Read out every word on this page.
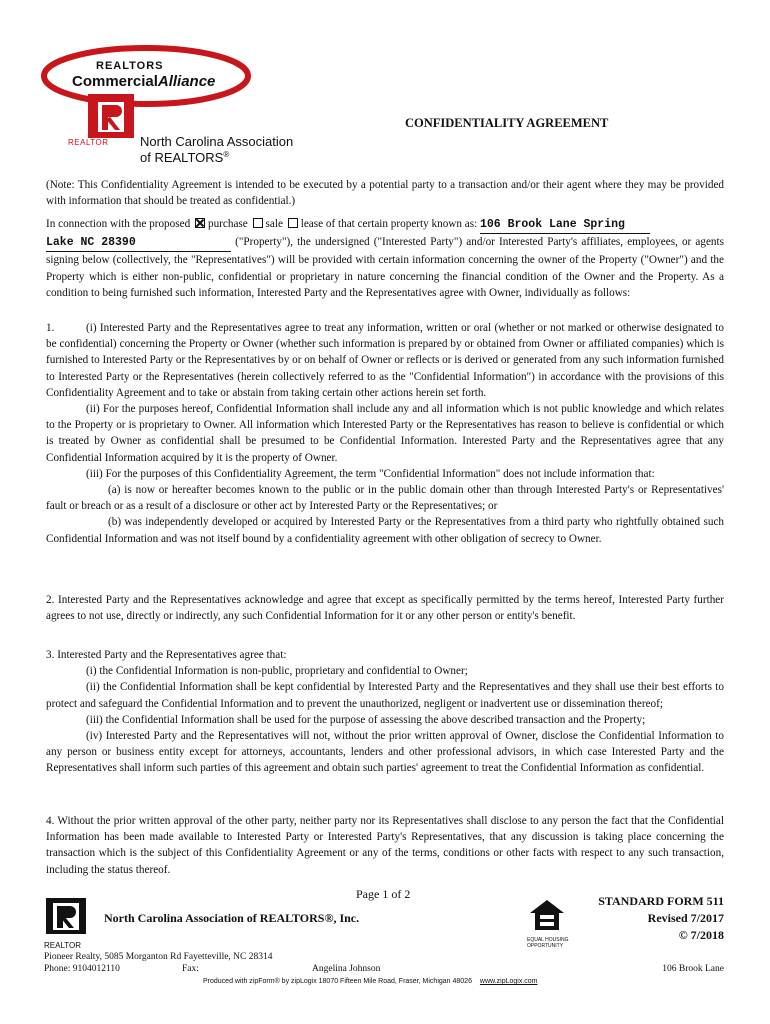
REALTORS
CommercialAlliance
REALTOR North Carolina Association
of REALTORS®
CONFIDENTIALITY AGREEMENT

(Note: This Confidentiality Agreement is intended to be executed by a potential party to a transaction and/or their agent where they may be provided with information that should be treated as confidential.)

In connection with the proposed purchase sale lease of that certain property known as: 106 Brook Lane Spring
Lake NC 28390	("Property"), the undersigned ("Interested Party") and/or Interested Party's affiliates, employees, or agents signing below (collectively, the "Representatives") will be provided with certain information concerning the owner of the Property ("Owner") and the Property which is either non-public, confidential or proprietary in nature concerning the financial condition of the Owner and the Property. As a condition to being furnished such information, Interested Party and the Representatives agree with Owner, individually as follows:

1.	(i) Interested Party and the Representatives agree to treat any information, written or oral (whether or not marked or otherwise designated to be confidential) concerning the Property or Owner (whether such information is prepared by or obtained from Owner or affiliated companies) which is furnished to Interested Party or the Representatives by or on behalf of Owner or reflects or is derived or generated from any such information furnished to Interested Party or the Representatives (herein collectively referred to as the "Confidential Information") in accordance with the provisions of this Confidentiality Agreement and to take or abstain from taking certain other actions herein set forth.

(ii) For the purposes hereof, Confidential Information shall include any and all information which is not public knowledge and which relates to the Property or is proprietary to Owner. All information which Interested Party or the Representatives has reason to believe is confidential or which is treated by Owner as confidential shall be presumed to be Confidential Information. Interested Party and the Representatives agree that any Confidential Information acquired by it is the property of Owner.

(iii) For the purposes of this Confidentiality Agreement, the term "Confidential Information" does not include information that:

(a) is now or hereafter becomes known to the public or in the public domain other than through Interested Party's or Representatives' fault or breach or as a result of a disclosure or other act by Interested Party or the Representatives; or

(b) was independently developed or acquired by Interested Party or the Representatives from a third party who rightfully obtained such Confidential Information and was not itself bound by a confidentiality agreement with other obligation of secrecy to Owner.

2. Interested Party and the Representatives acknowledge and agree that except as specifically permitted by the terms hereof, Interested Party further agrees to not use, directly or indirectly, any such Confidential Information for it or any other person or entity's benefit.

3. Interested Party and the Representatives agree that:

(i) the Confidential Information is non-public, proprietary and confidential to Owner;

(ii) the Confidential Information shall be kept confidential by Interested Party and the Representatives and they shall use their best efforts to protect and safeguard the Confidential Information and to prevent the unauthorized, negligent or inadvertent use or dissemination thereof;

(iii) the Confidential Information shall be used for the purpose of assessing the above described transaction and the Property;

(iv) Interested Party and the Representatives will not, without the prior written approval of Owner, disclose the Confidential Information to any person or business entity except for attorneys, accountants, lenders and other professional advisors, in which case Interested Party and the Representatives shall inform such parties of this agreement and obtain such parties' agreement to treat the Confidential Information as confidential.

4. Without the prior written approval of the other party, neither party nor its Representatives shall disclose to any person the fact that the Confidential Information has been made available to Interested Party or Interested Party's Representatives, that any discussion is taking place concerning the transaction which is the subject of this Confidentiality Agreement or any of the terms, conditions or other facts with respect to any such transaction, including the status thereof.

Page 1 of 2
REALTOR
North Carolina Association of REALTORS®, Inc.
EQUAL HOUSING OPPORTUNITY
STANDARD FORM 511
Revised 7/2017
© 7/2018
Pioneer Realty, 5085 Morganton Rd Fayetteville, NC 28314
Phone: 9104012110	Fax:	Angelina Johnson	106 Brook Lane
Produced with zipForm® by zipLogix 18070 Fifteen Mile Road, Fraser, Michigan 48026 www.zipLogix.com
